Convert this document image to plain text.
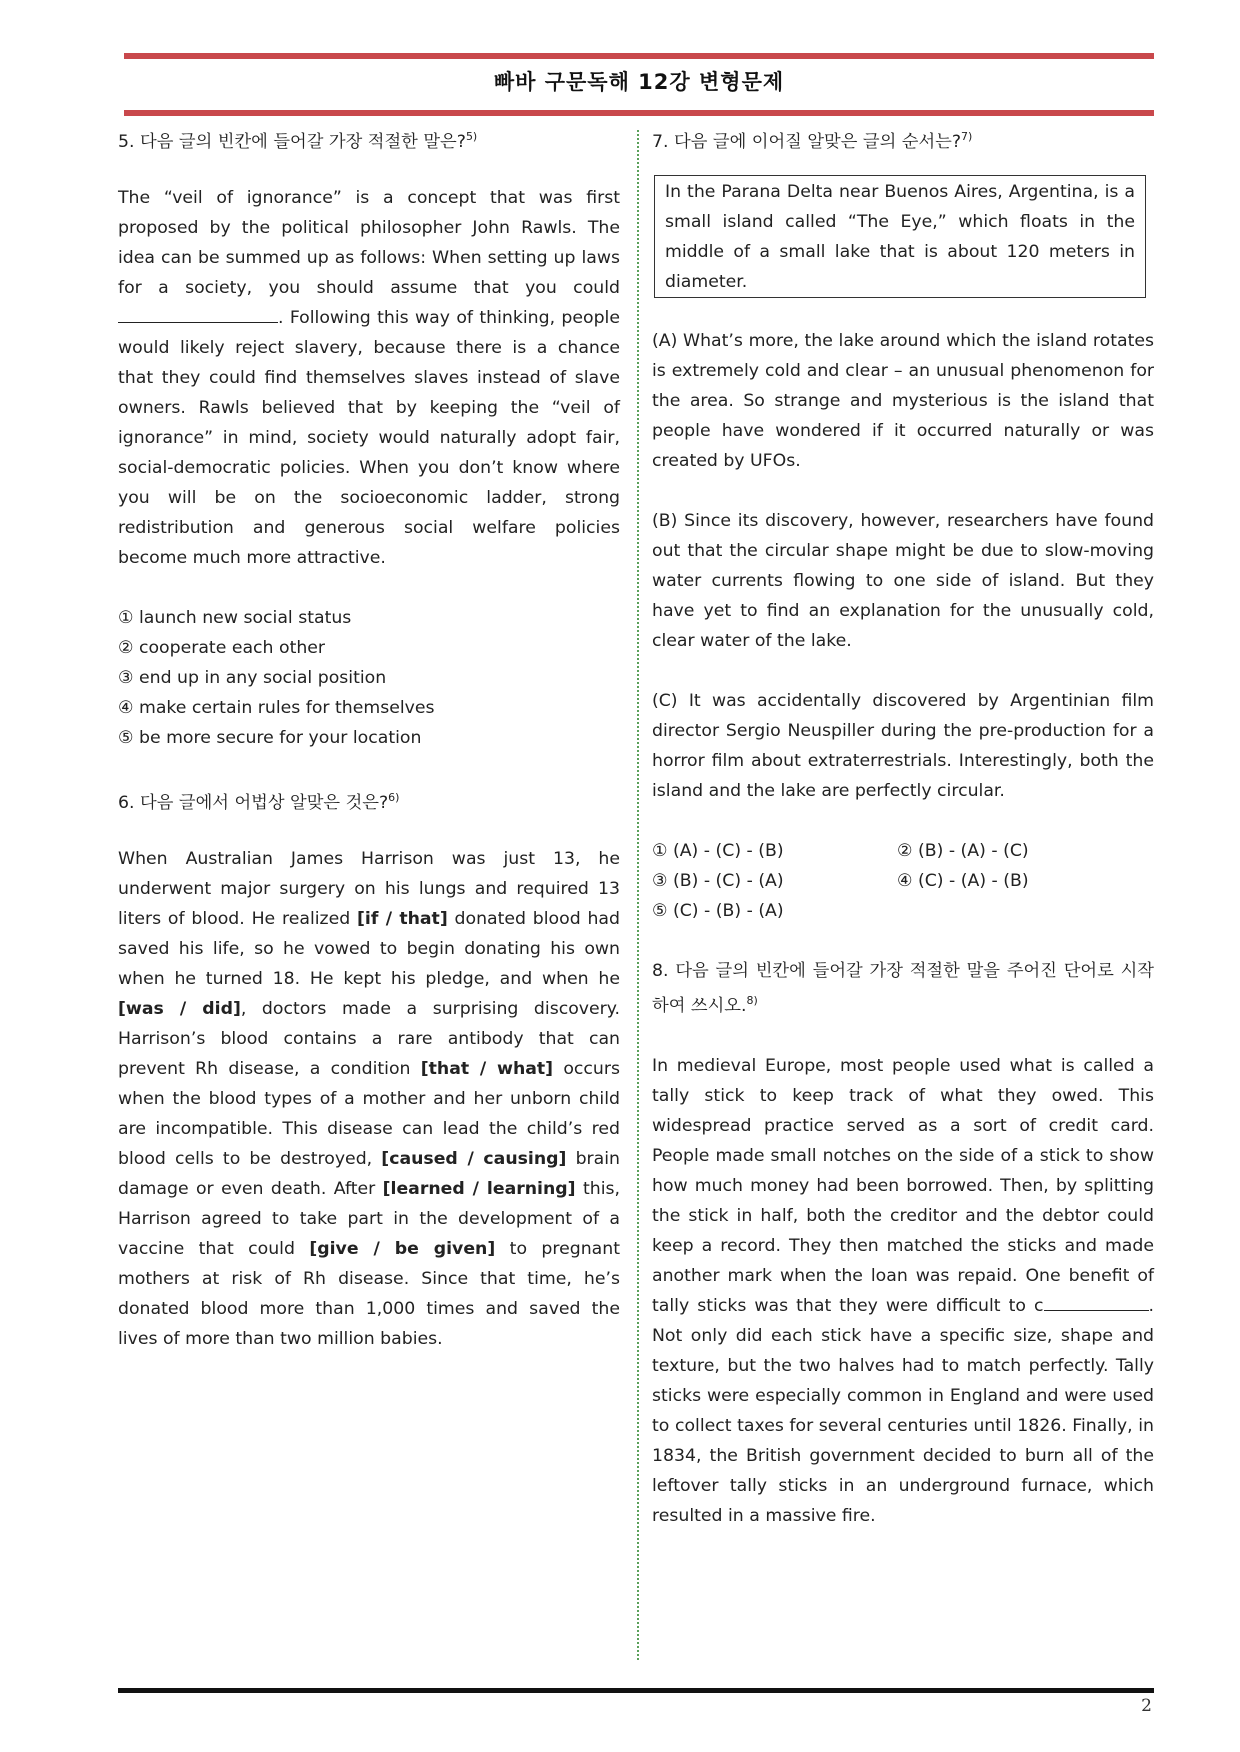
빠바 구문독해 12강 변형문제
5. 다음 글의 빈칸에 들어갈 가장 적절한 말은?$^{5)}$

The “veil of ignorance” is a concept that was first proposed by the political philosopher John Rawls. The idea can be summed up as follows: When setting up laws for a society, you should assume that you could . Following this way of thinking, people would likely reject slavery, because there is a chance that they could find themselves slaves instead of slave owners. Rawls believed that by keeping the “veil of ignorance” in mind, society would naturally adopt fair, social-democratic policies. When you don’t know where you will be on the socioeconomic ladder, strong redistribution and generous social welfare policies become much more attractive.

① launch new social status
② cooperate each other
③ end up in any social position
④ make certain rules for themselves
⑤ be more secure for your location
6. 다음 글에서 어법상 알맞은 것은?$^{6)}$

When Australian James Harrison was just 13, he underwent major surgery on his lungs and required 13 liters of blood. He realized [if / that] donated blood had saved his life, so he vowed to begin donating his own when he turned 18. He kept his pledge, and when he [was / did], doctors made a surprising discovery. Harrison’s blood contains a rare antibody that can prevent Rh disease, a condition [that / what] occurs when the blood types of a mother and her unborn child are incompatible. This disease can lead the child’s red blood cells to be destroyed, [caused / causing] brain damage or even death. After [learned / learning] this, Harrison agreed to take part in the development of a vaccine that could [give / be given] to pregnant mothers at risk of Rh disease. Since that time, he’s donated blood more than 1,000 times and saved the lives of more than two million babies.

7. 다음 글에 이어질 알맞은 글의 순서는?$^{7)}$
In the Parana Delta near Buenos Aires, Argentina, is a small island called “The Eye,” which floats in the middle of a small lake that is about 120 meters in diameter.

(A) What’s more, the lake around which the island rotates is extremely cold and clear – an unusual phenomenon for the area. So strange and mysterious is the island that people have wondered if it occurred naturally or was created by UFOs.

(B) Since its discovery, however, researchers have found out that the circular shape might be due to slow-moving water currents flowing to one side of island. But they have yet to find an explanation for the unusually cold, clear water of the lake.

(C) It was accidentally discovered by Argentinian film director Sergio Neuspiller during the pre-production for a horror film about extraterrestrials. Interestingly, both the island and the lake are perfectly circular.

① (A) - (C) - (B)	② (B) - (A) - (C)
③ (B) - (C) - (A)	④ (C) - (A) - (B)
⑤ (C) - (B) - (A)

8. 다음 글의 빈칸에 들어갈 가장 적절한 말을 주어진 단어로 시작하여 쓰시오.$^{8)}$

In medieval Europe, most people used what is called a tally stick to keep track of what they owed. This widespread practice served as a sort of credit card. People made small notches on the side of a stick to show how much money had been borrowed. Then, by splitting the stick in half, both the creditor and the debtor could keep a record. They then matched the sticks and made another mark when the loan was repaid. One benefit of tally sticks was that they were difficult to c	. Not only did each stick have a specific size, shape and texture, but the two halves had to match perfectly. Tally sticks were especially common in England and were used to collect taxes for several centuries until 1826. Finally, in 1834, the British government decided to burn all of the leftover tally sticks in an underground furnace, which resulted in a massive fire.

2
